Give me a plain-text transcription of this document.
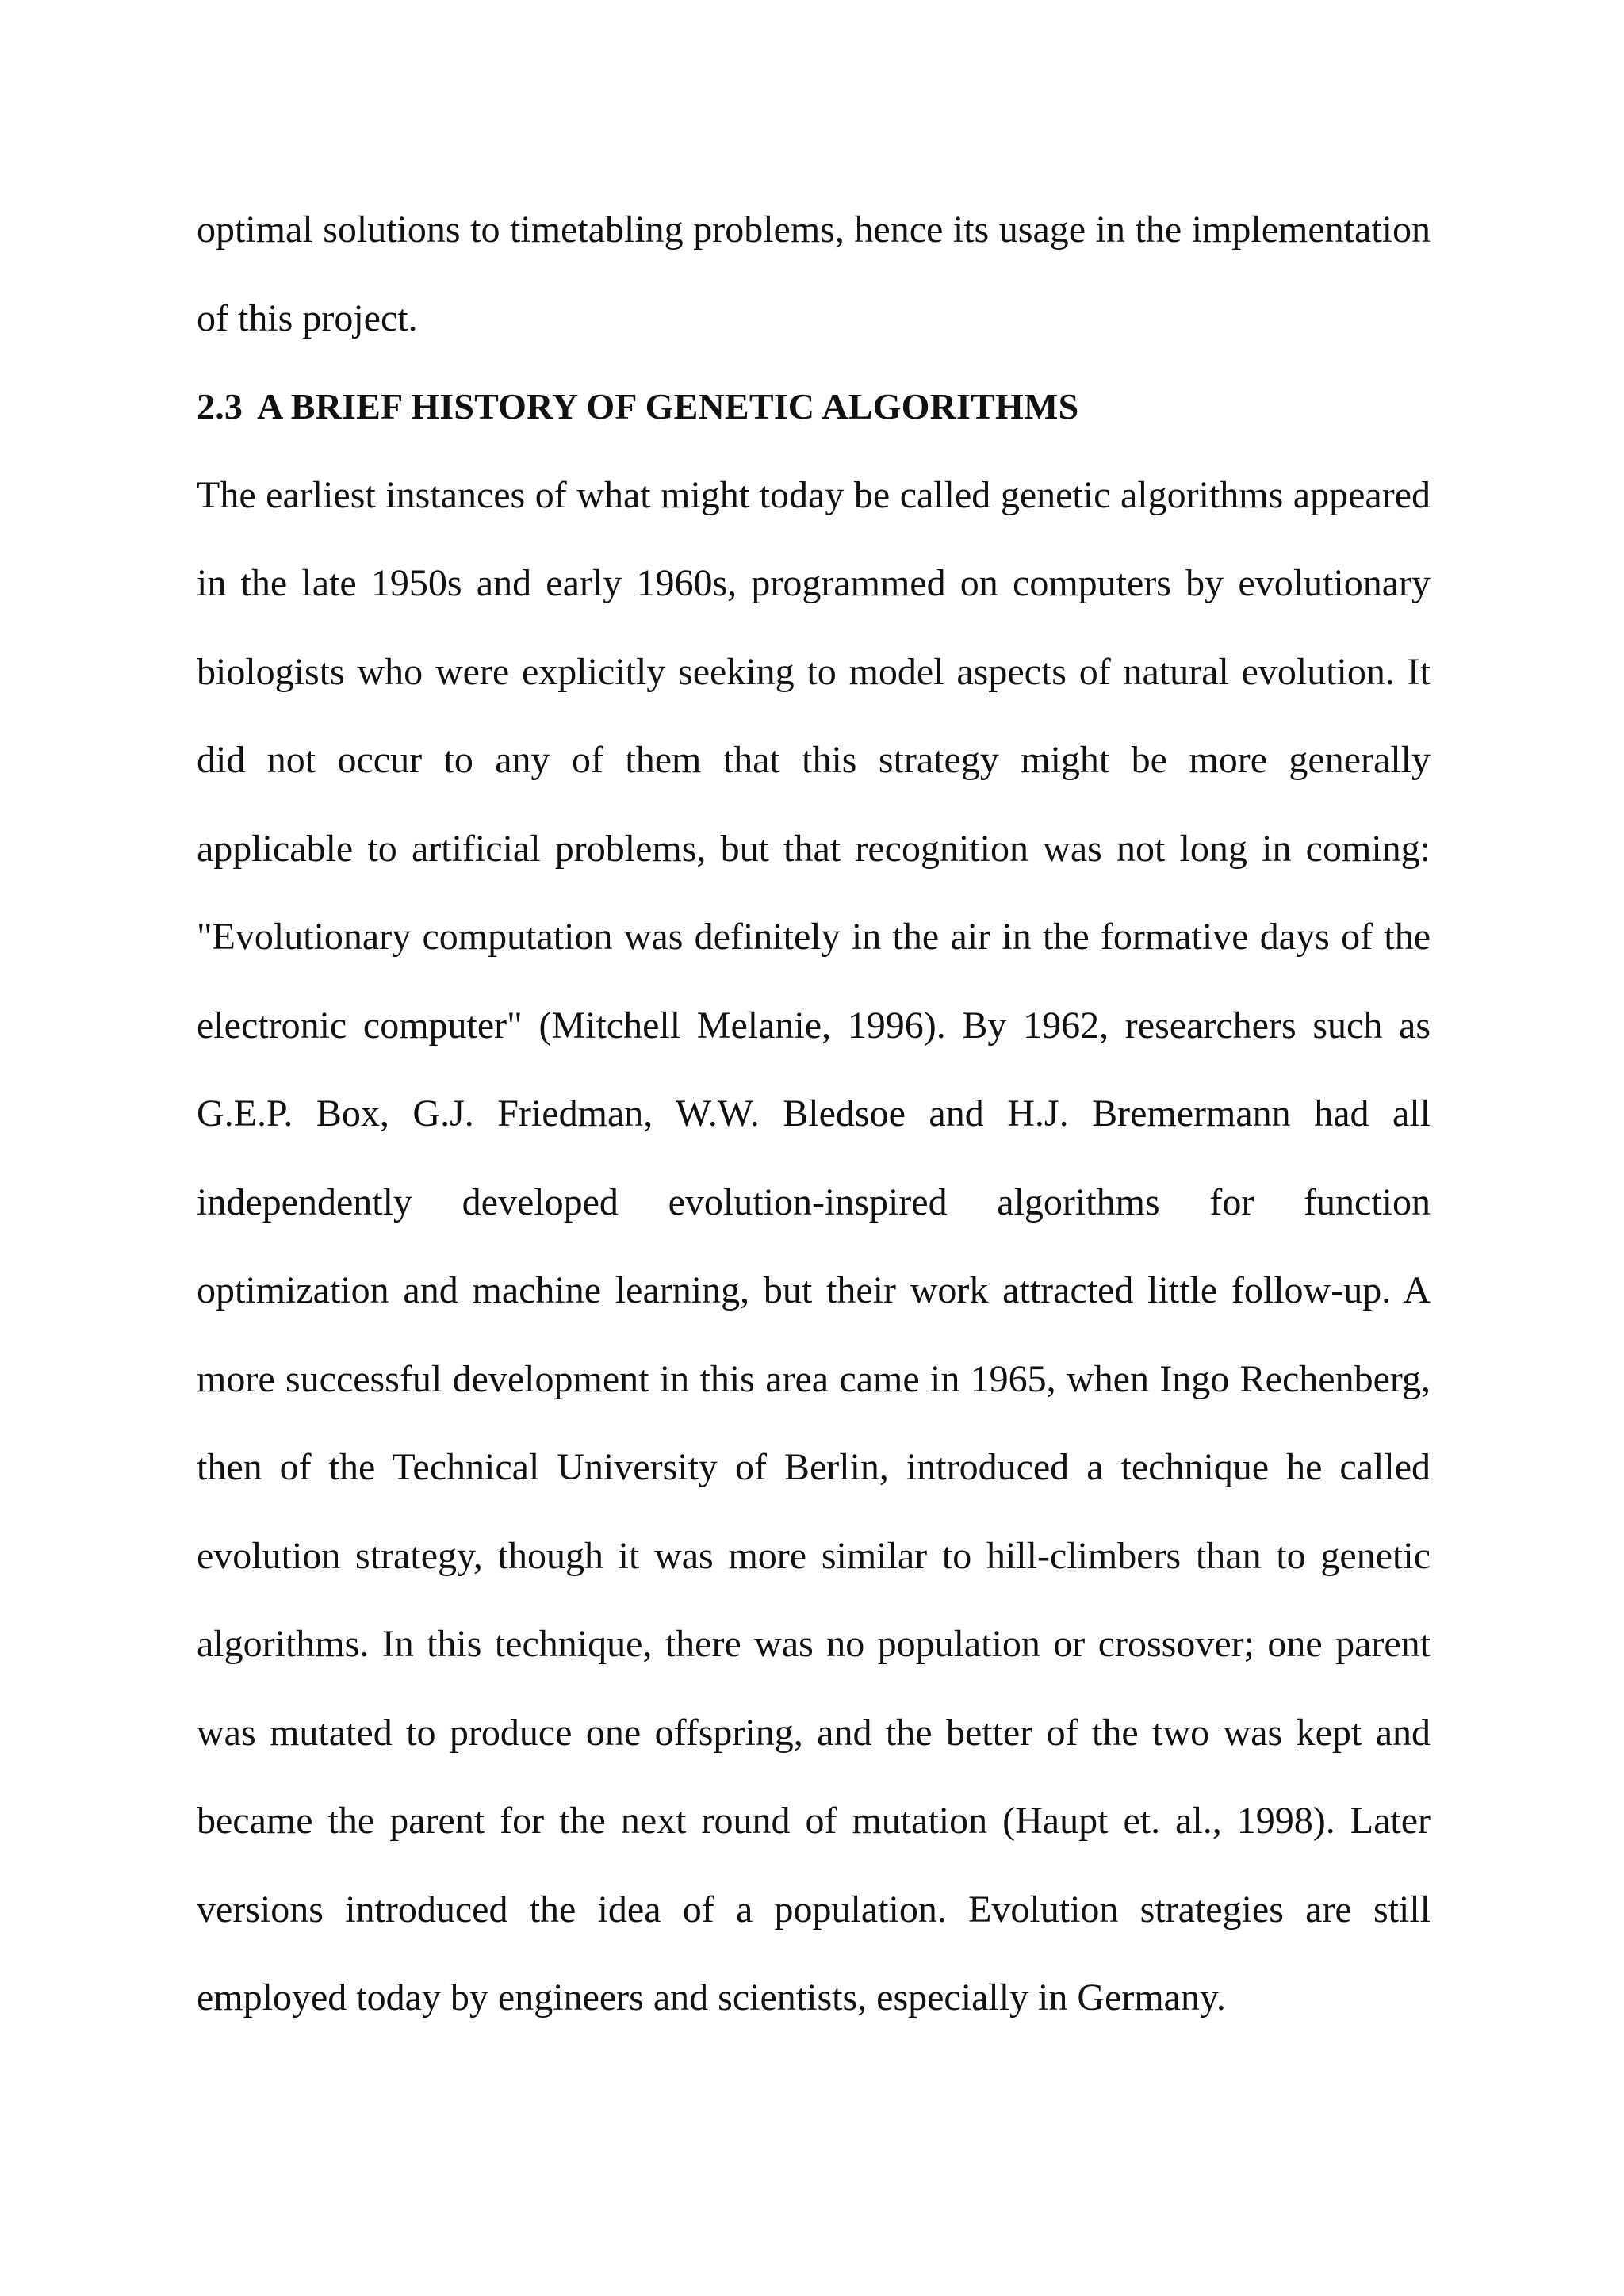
optimal solutions to timetabling problems, hence its usage in the implementation of this project.

2.3 A BRIEF HISTORY OF GENETIC ALGORITHMS

The earliest instances of what might today be called genetic algorithms appeared in the late 1950s and early 1960s, programmed on computers by evolutionary biologists who were explicitly seeking to model aspects of natural evolution. It did not occur to any of them that this strategy might be more generally applicable to artificial problems, but that recognition was not long in coming: "Evolutionary computation was definitely in the air in the formative days of the electronic computer" (Mitchell Melanie, 1996). By 1962, researchers such as G.E.P. Box, G.J. Friedman, W.W. Bledsoe and H.J. Bremermann had all independently developed evolution-inspired algorithms for function optimization and machine learning, but their work attracted little follow-up. A more successful development in this area came in 1965, when Ingo Rechenberg, then of the Technical University of Berlin, introduced a technique he called evolution strategy, though it was more similar to hill-climbers than to genetic algorithms. In this technique, there was no population or crossover; one parent was mutated to produce one offspring, and the better of the two was kept and became the parent for the next round of mutation (Haupt et. al., 1998). Later versions introduced the idea of a population. Evolution strategies are still employed today by engineers and scientists, especially in Germany.
